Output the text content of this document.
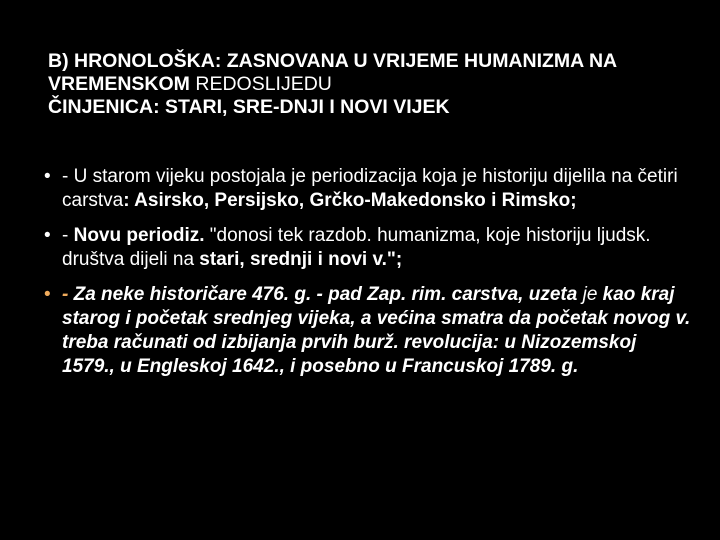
B) HRONOLOŠKA: ZASNOVANA U VRIJEME HUMANIZMA NA VREMENSKOM REDOSLIJEDU
ČINJENICA: STARI, SRE-DNJI I NOVI VIJEK
• - U starom vijeku postojala je periodizacija koja je historiju dijelila na četiri carstva: Asirsko, Persijsko, Grčko-Makedonsko i Rimsko;
• - Novu periodiz. "donosi tek razdob. humanizma, koje historiju ljudsk. društva dijeli na stari, srednji i novi v.";
• - Za neke historičare 476. g. - pad Zap. rim. carstva, uzeta je kao kraj starog i početak srednjeg vijeka, a većina smatra da početak novog v. treba računati od izbijanja prvih burž. revolucija: u Nizozemskoj 1579., u Engleskoj 1642., i posebno u Francuskoj 1789. g.
